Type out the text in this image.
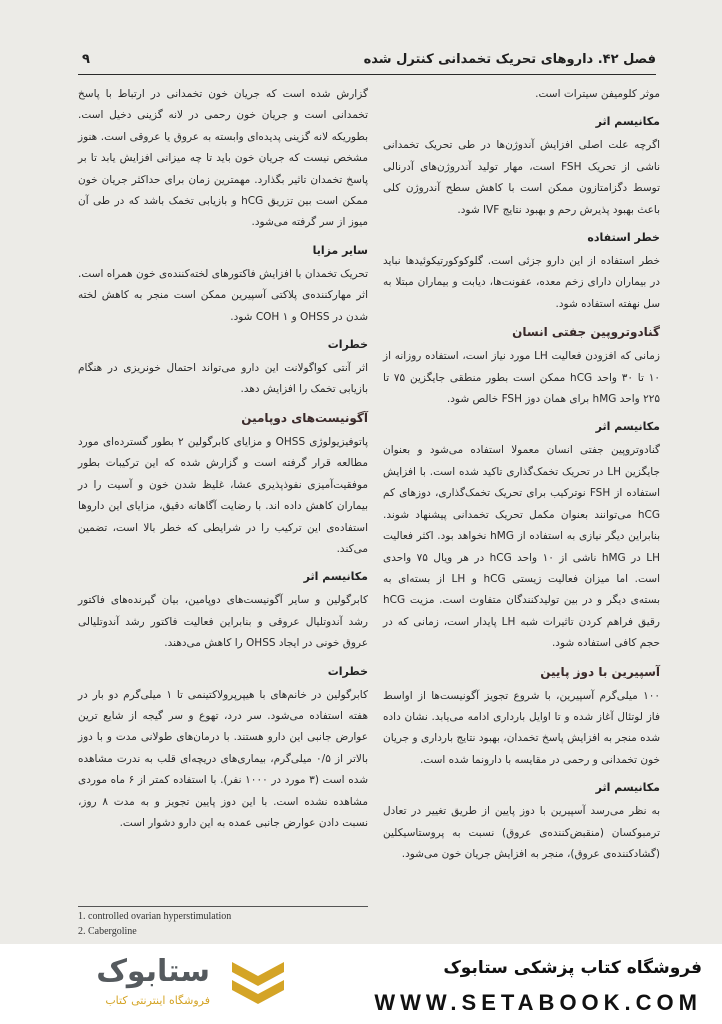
فصل ۴۲. داروهای تحریک تخمدانی کنترل شده
۹

موثر کلومیفن سیترات است.

مکانیسم اثر

اگرچه علت اصلی افزایش آندوژن‌ها در طی تحریک تخمدانی ناشی از تحریک FSH است، مهار تولید آندروژن‌های آدرنالی توسط دگزامتازون ممکن است با کاهش سطح آندروژن کلی باعث بهبود پذیرش رحم و بهبود نتایج IVF شود.

خطر استفاده

خطر استفاده از این دارو جزئی است. گلوکوکورتیکوئیدها نباید در بیماران دارای زخم معده، عفونت‌ها، دیابت و بیماران مبتلا به سل نهفته استفاده شود.

گنادوتروپین جفتی انسان

زمانی که افزودن فعالیت LH مورد نیاز است، استفاده روزانه از ۱۰ تا ۳۰ واحد hCG ممکن است بطور منطقی جایگزین ۷۵ تا ۲۲۵ واحد hMG برای همان دوز FSH خالص شود.

مکانیسم اثر

گنادوتروپین جفتی انسان معمولا استفاده می‌شود و بعنوان جایگزین LH در تحریک تخمک‌گذاری تاکید شده است. با افزایش استفاده از FSH نوترکیب برای تحریک تخمک‌گذاری، دوزهای کم hCG می‌توانند بعنوان مکمل تحریک تخمدانی پیشنهاد شوند. بنابراین دیگر نیازی به استفاده از hMG نخواهد بود. اکثر فعالیت LH در hMG ناشی از ۱۰ واحد hCG در هر ویال ۷۵ واحدی است. اما میزان فعالیت زیستی hCG و LH از بسته‌ای به بسته‌ی دیگر و در بین تولیدکنندگان متفاوت است. مزیت hCG رقیق فراهم کردن تاثیرات شبه LH پایدار است، زمانی که در حجم کافی استفاده شود.

آسپیرین با دوز پایین

۱۰۰ میلی‌گرم آسپیرین، با شروع تجویز آگونیست‌ها از اواسط فاز لوتئال آغاز شده و تا اوایل بارداری ادامه می‌یابد. نشان داده شده منجر به افزایش پاسخ تخمدان، بهبود نتایج بارداری و جریان خون تخمدانی و رحمی در مقایسه با دارونما شده است.

مکانیسم اثر

به نظر می‌رسد آسپیرین با دوز پایین از طریق تغییر در تعادل ترمبوکسان (منقبض‌کننده‌ی عروق) نسبت به پروستاسیکلین (گشادکننده‌ی عروق)، منجر به افزایش جریان خون می‌شود.

گزارش شده است که جریان خون تخمدانی در ارتباط با پاسخ تخمدانی است و جریان خون رحمی در لانه گزینی دخیل است. بطوریکه لانه گزینی پدیده‌ای وابسته به عروق یا عروقی است. هنوز مشخص نیست که جریان خون باید تا چه میزانی افزایش یابد تا بر پاسخ تخمدان تاثیر بگذارد. مهمترین زمان برای حداکثر جریان خون ممکن است بین تزریق hCG و بازیابی تخمک باشد که در طی آن میوز از سر گرفته می‌شود.

سایر مزایا

تحریک تخمدان با افزایش فاکتورهای لخته‌کننده‌ی خون همراه است. اثر مهارکننده‌ی پلاکتی آسپیرین ممکن است منجر به کاهش لخته شدن در OHSS و COH ۱ شود.

خطرات

اثر آنتی کواگولانت این دارو می‌تواند احتمال خونریزی در هنگام بازیابی تخمک را افزایش دهد.

آگونیست‌های دوپامین

پاتوفیزیولوژی OHSS و مزایای کابرگولین ۲ بطور گسترده‌ای مورد مطالعه قرار گرفته است و گزارش شده که این ترکیبات بطور موفقیت‌آمیزی نفوذپذیری عشا، غلیظ شدن خون و آسیت را در بیماران کاهش داده اند. با رضایت آگاهانه دقیق، مزایای این داروها استفاده‌ی این ترکیب را در شرایطی که خطر بالا است، تضمین می‌کند.

مکانیسم اثر

کابرگولین و سایر آگونیست‌های دوپامین، بیان گیرنده‌های فاکتور رشد آندوتلیال عروقی و بنابراین فعالیت فاکتور رشد آندوتلیالی عروق خونی در ایجاد OHSS را کاهش می‌دهند.

خطرات

کابرگولین در خانم‌های با هیپرپرولاکتینمی تا ۱ میلی‌گرم دو بار در هفته استفاده می‌شود. سر درد، تهوع و سر گیجه از شایع ترین عوارض جانبی این دارو هستند. با درمان‌های طولانی مدت و با دوز بالاتر از ۰/۵ میلی‌گرم، بیماری‌های دریچه‌ای قلب به ندرت مشاهده شده است (۳ مورد در ۱۰۰۰ نفر). با استفاده کمتر از ۶ ماه موردی مشاهده نشده است. با این دوز پایین تجویز و به مدت ۸ روز، نسبت دادن عوارض جانبی عمده به این دارو دشوار است.

1. controlled ovarian hyperstimulation
2. Cabergoline
ستابوک
فروشگاه اینترنتی کتاب
فروشگاه کتاب پزشکی ستابوک
WWW.SETABOOK.COM
